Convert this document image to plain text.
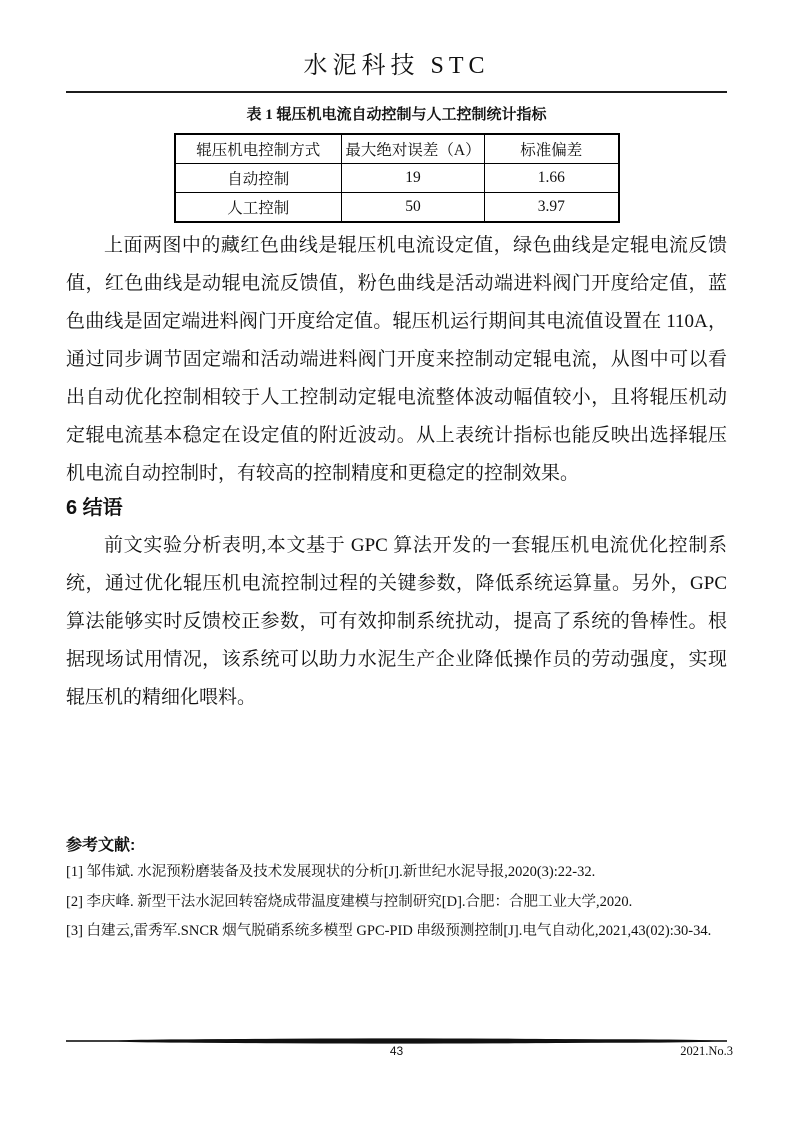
水泥科技 STC
表 1 辊压机电流自动控制与人工控制统计指标
辊压机电控制方式	最大绝对误差（A）	标准偏差
自动控制	19	1.66
人工控制	50	3.97

上面两图中的藏红色曲线是辊压机电流设定值，绿色曲线是定辊电流反馈值，红色曲线是动辊电流反馈值，粉色曲线是活动端进料阀门开度给定值，蓝色曲线是固定端进料阀门开度给定值。辊压机运行期间其电流值设置在 110A，通过同步调节固定端和活动端进料阀门开度来控制动定辊电流，从图中可以看出自动优化控制相较于人工控制动定辊电流整体波动幅值较小，且将辊压机动定辊电流基本稳定在设定值的附近波动。从上表统计指标也能反映出选择辊压机电流自动控制时，有较高的控制精度和更稳定的控制效果。

6 结语

前文实验分析表明,本文基于 GPC 算法开发的一套辊压机电流优化控制系统，通过优化辊压机电流控制过程的关键参数，降低系统运算量。另外，GPC 算法能够实时反馈校正参数，可有效抑制系统扰动，提高了系统的鲁棒性。根据现场试用情况，该系统可以助力水泥生产企业降低操作员的劳动强度，实现辊压机的精细化喂料。

参考文献:
[1] 邹伟斌. 水泥预粉磨装备及技术发展现状的分析[J].新世纪水泥导报,2020(3):22-32.
[2] 李庆峰. 新型干法水泥回转窑烧成带温度建模与控制研究[D].合肥：合肥工业大学,2020.
[3] 白建云,雷秀军.SNCR 烟气脱硝系统多模型 GPC-PID 串级预测控制[J].电气自动化,2021,43(02):30-34.
43	2021.No.3
